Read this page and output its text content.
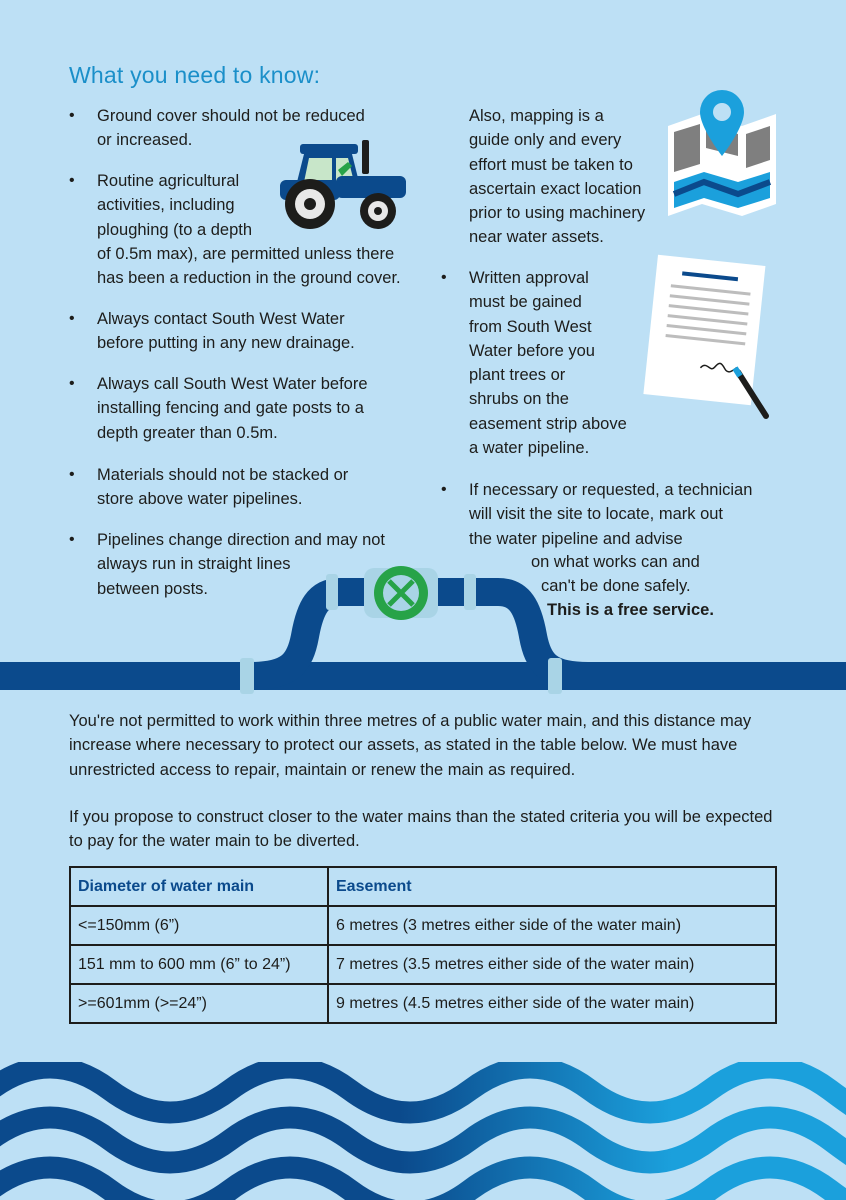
What you need to know:
• Ground cover should not be reduced

or increased.

• Routine agricultural

activities, including

ploughing (to a depth

of 0.5m max), are permitted unless there

has been a reduction in the ground cover.

• Always contact South West Water

before putting in any new drainage.

• Always call South West Water before

installing fencing and gate posts to a

depth greater than 0.5m.

• Materials should not be stacked or

store above water pipelines.

• Pipelines change direction and may not

always run in straight lines

between posts.

Also, mapping is a

guide only and every

effort must be taken to

ascertain exact location

prior to using machinery

near water assets.

• Written approval

must be gained

from South West

Water before you

plant trees or

shrubs on the

easement strip above

a water pipeline.

• If necessary or requested, a technician

will visit the site to locate, mark out

the water pipeline and advise

on what works can and

can't be done safely.

This is a free service.

You're not permitted to work within three metres of a public water main, and this distance may increase where necessary to protect our assets, as stated in the table below. We must have unrestricted access to repair, maintain or renew the main as required.

If you propose to construct closer to the water mains than the stated criteria you will be expected to pay for the water main to be diverted.

Diameter of water main	Easement
<=150mm (6”)	6 metres (3 metres either side of the water main)
151 mm to 600 mm (6” to 24”)	7 metres (3.5 metres either side of the water main)
>=601mm (>=24”)	9 metres (4.5 metres either side of the water main)
